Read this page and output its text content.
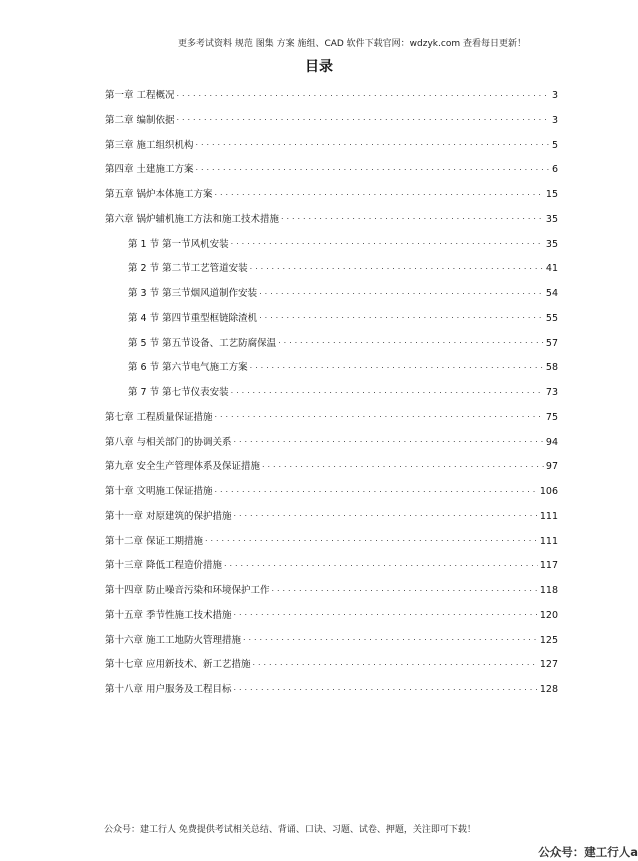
更多考试资料 规范 图集 方案 施组、CAD 软件下载官网：wdzyk.com 查看每日更新！
目录
第一章 工程概况 . . .	3
第二章 编制依据 . . .	3
第三章 施工组织机构 . . .	5
第四章 土建施工方案 . . .	6
第五章 锅炉本体施工方案 . . .	15
第六章 锅炉辅机施工方法和施工技术措施 . . .	35
第 1 节 第一节风机安装 . . .	35
第 2 节 第二节工艺管道安装 . . .	41
第 3 节 第三节烟风道制作安装 . . .	54
第 4 节 第四节重型框链除渣机 . . .	55
第 5 节 第五节设备、工艺防腐保温 . . .	57
第 6 节 第六节电气施工方案 . . .	58
第 7 节 第七节仪表安装 . . .	73
第七章 工程质量保证措施 . . .	75
第八章 与相关部门的协调关系 . . .	94
第九章 安全生产管理体系及保证措施 . . .	97
第十章 文明施工保证措施 . . .	106
第十一章 对原建筑的保护措施 . . .	111
第十二章 保证工期措施 . . .	111
第十三章 降低工程造价措施 . . .	117
第十四章 防止噪音污染和环境保护工作 . . .	118
第十五章 季节性施工技术措施 . . .	120
第十六章 施工工地防火管理措施 . . .	125
第十七章 应用新技术、新工艺措施 . . .	127
第十八章 用户服务及工程目标 . . .	128
公众号：建工行人 免费提供考试相关总结、背诵、口诀、习题、试卷、押题，关注即可下载！
公众号：建工行人a
